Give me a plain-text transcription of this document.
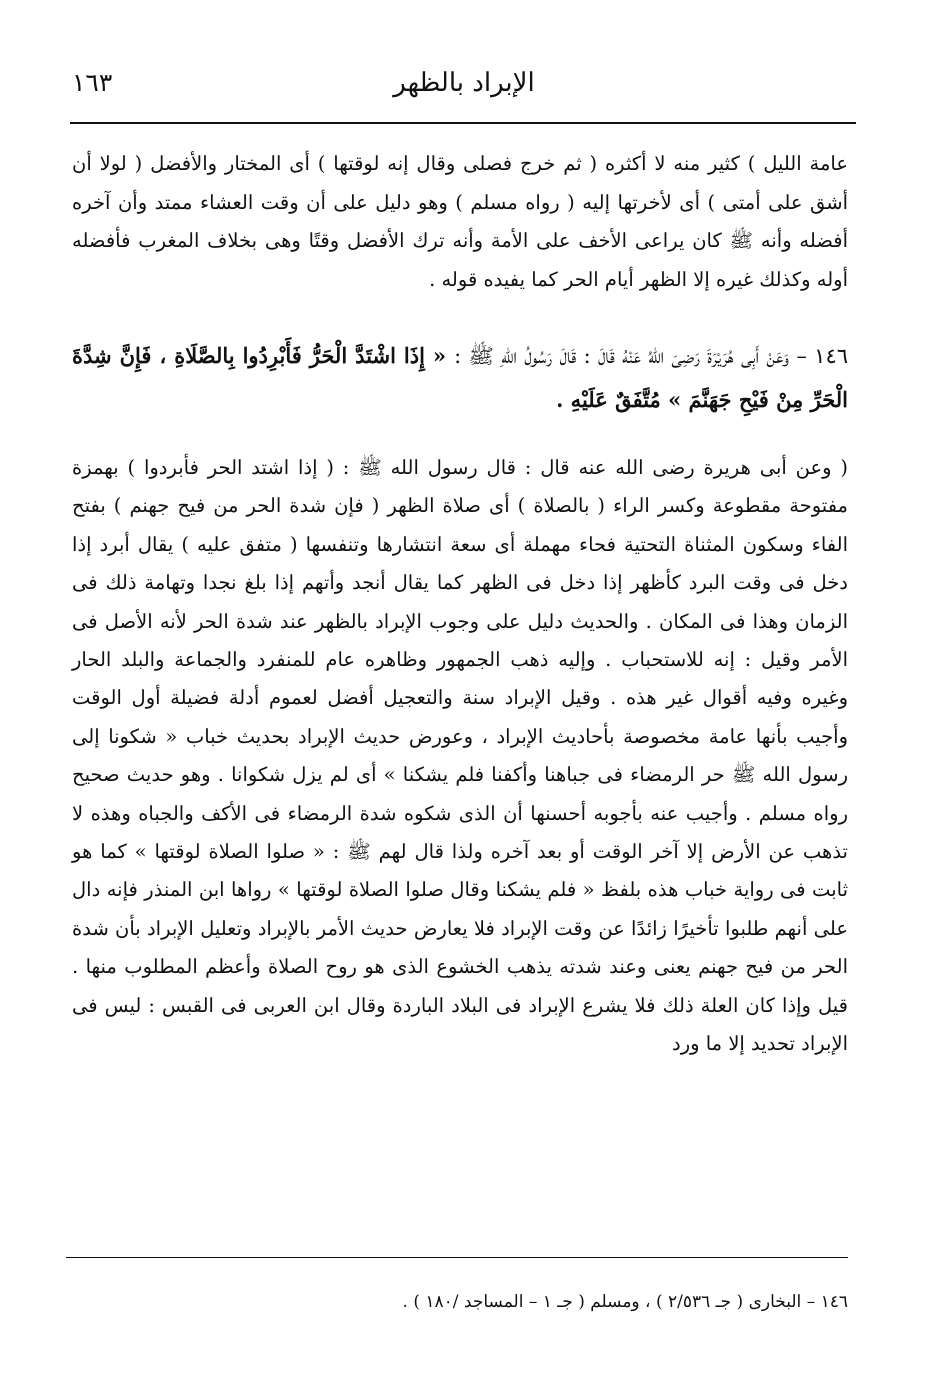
الإبراد بالظهر
١٦٣
عامة الليل ) كثير منه لا أكثره ( ثم خرج فصلى وقال إنه لوقتها ) أى المختار والأفضل ( لولا أن أشق على أمتى ) أى لأخرتها إليه ( رواه مسلم ) وهو دليل على أن وقت العشاء ممتد وأن آخره أفضله وأنه ﷺ كان يراعى الأخف على الأمة وأنه ترك الأفضل وقتًا وهى بخلاف المغرب فأفضله أوله وكذلك غيره إلا الظهر أيام الحر كما يفيده قوله .
١٤٦ – وَعَنْ أَبِى هُرَيْرَةَ رَضِىَ اللهُ عَنْهُ قَالَ : قَالَ رَسُولُ اللهِ ﷺ : « إِذَا اشْتَدَّ الْحَرُّ فَأَبْرِدُوا بِالصَّلَاةِ ، فَإِنَّ شِدَّةَ الْحَرِّ مِنْ فَيْحِ جَهَنَّمَ » مُتَّفَقٌ عَلَيْهِ .
( وعن أبى هريرة رضى الله عنه قال : قال رسول الله ﷺ : ( إذا اشتد الحر فأبردوا ) بهمزة مفتوحة مقطوعة وكسر الراء ( بالصلاة ) أى صلاة الظهر ( فإن شدة الحر من فيح جهنم ) بفتح الفاء وسكون المثناة التحتية فحاء مهملة أى سعة انتشارها وتنفسها ( متفق عليه ) يقال أبرد إذا دخل فى وقت البرد كأظهر إذا دخل فى الظهر كما يقال أنجد وأتهم إذا بلغ نجدا وتهامة ذلك فى الزمان وهذا فى المكان . والحديث دليل على وجوب الإبراد بالظهر عند شدة الحر لأنه الأصل فى الأمر وقيل : إنه للاستحباب . وإليه ذهب الجمهور وظاهره عام للمنفرد والجماعة والبلد الحار وغيره وفيه أقوال غير هذه . وقيل الإبراد سنة والتعجيل أفضل لعموم أدلة فضيلة أول الوقت وأجيب بأنها عامة مخصوصة بأحاديث الإبراد ، وعورض حديث الإبراد بحديث خباب « شكونا إلى رسول الله ﷺ حر الرمضاء فى جباهنا وأكفنا فلم يشكنا » أى لم يزل شكوانا . وهو حديث صحيح رواه مسلم . وأجيب عنه بأجوبه أحسنها أن الذى شكوه شدة الرمضاء فى الأكف والجباه وهذه لا تذهب عن الأرض إلا آخر الوقت أو بعد آخره ولذا قال لهم ﷺ : « صلوا الصلاة لوقتها » كما هو ثابت فى رواية خباب هذه بلفظ « فلم يشكنا وقال صلوا الصلاة لوقتها » رواها ابن المنذر فإنه دال على أنهم طلبوا تأخيرًا زائدًا عن وقت الإبراد فلا يعارض حديث الأمر بالإبراد وتعليل الإبراد بأن شدة الحر من فيح جهنم يعنى وعند شدته يذهب الخشوع الذى هو روح الصلاة وأعظم المطلوب منها . قيل وإذا كان العلة ذلك فلا يشرع الإبراد فى البلاد الباردة وقال ابن العربى فى القبس : ليس فى الإبراد تحديد إلا ما ورد
١٤٦ – البخارى ( جـ ٢/٥٣٦ ) ، ومسلم ( جـ ١ – المساجد /١٨٠ ) .
